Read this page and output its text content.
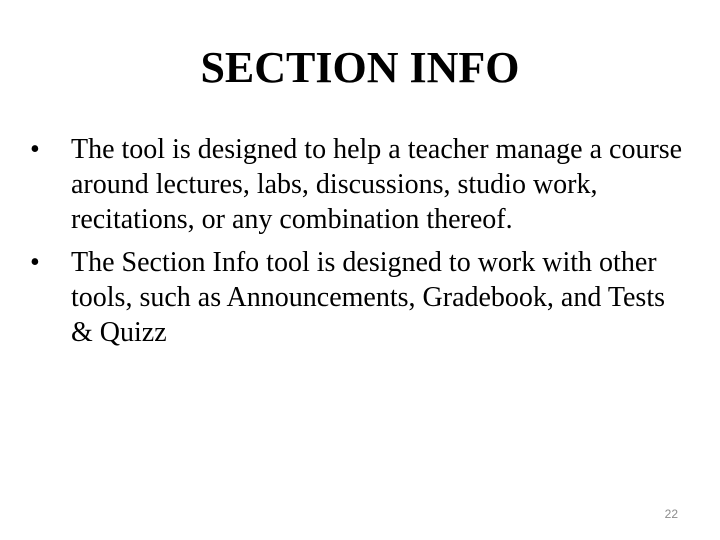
SECTION INFO
•	The tool is designed to help a teacher manage a course around lectures, labs, discussions, studio work, recitations, or any combination thereof.
•	The Section Info tool is designed to work with other tools, such as Announcements, Gradebook, and Tests & Quizz
22
